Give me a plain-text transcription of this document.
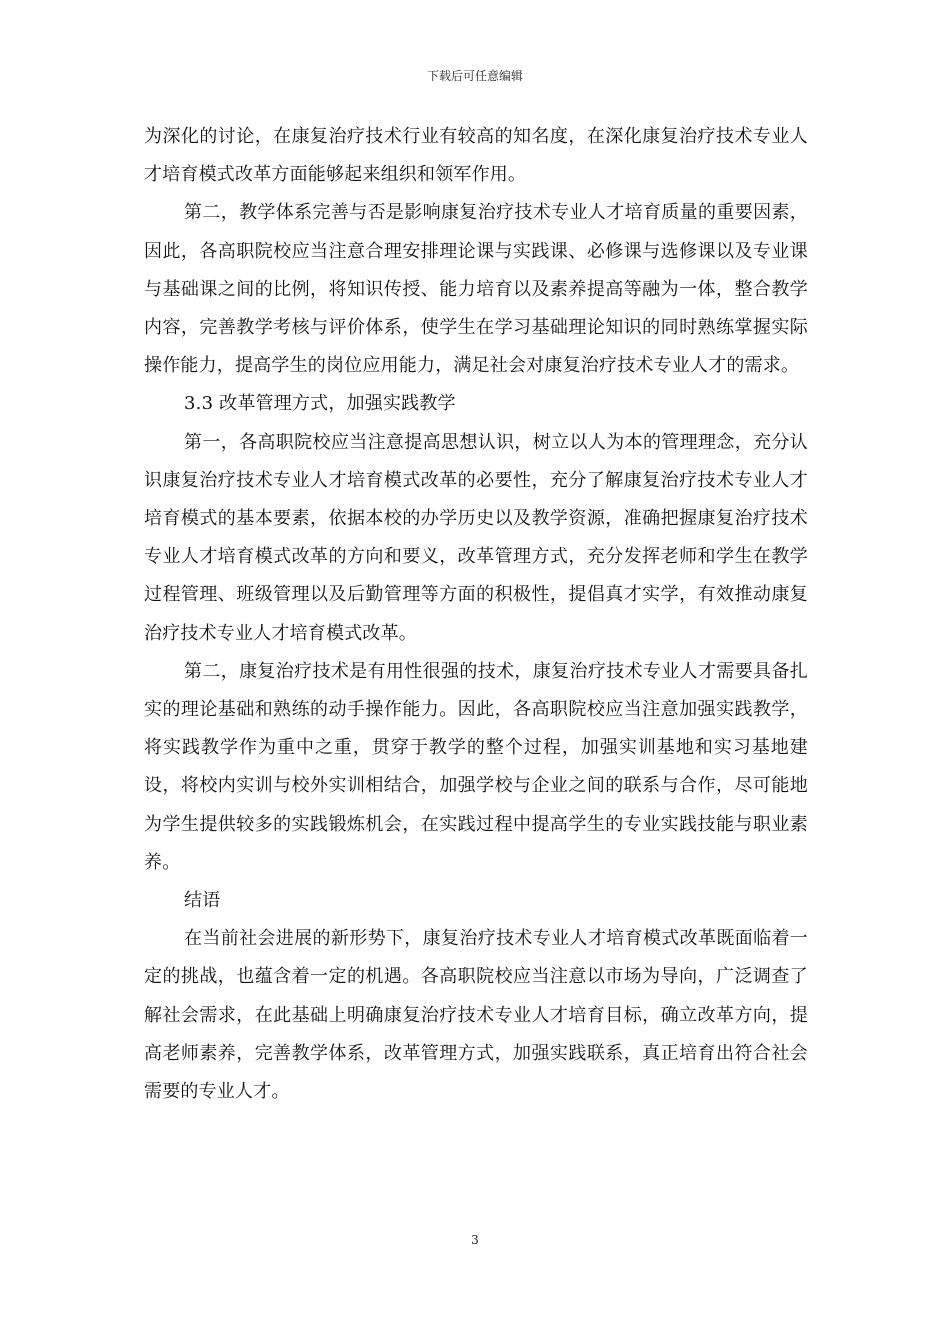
下载后可任意编辑

为深化的讨论，在康复治疗技术行业有较高的知名度，在深化康复治疗技术专业人才培育模式改革方面能够起来组织和领军作用。

第二，教学体系完善与否是影响康复治疗技术专业人才培育质量的重要因素，因此，各高职院校应当注意合理安排理论课与实践课、必修课与选修课以及专业课与基础课之间的比例，将知识传授、能力培育以及素养提高等融为一体，整合教学内容，完善教学考核与评价体系，使学生在学习基础理论知识的同时熟练掌握实际操作能力，提高学生的岗位应用能力，满足社会对康复治疗技术专业人才的需求。

3.3 改革管理方式，加强实践教学

第一，各高职院校应当注意提高思想认识，树立以人为本的管理理念，充分认识康复治疗技术专业人才培育模式改革的必要性，充分了解康复治疗技术专业人才培育模式的基本要素，依据本校的办学历史以及教学资源，准确把握康复治疗技术专业人才培育模式改革的方向和要义，改革管理方式，充分发挥老师和学生在教学过程管理、班级管理以及后勤管理等方面的积极性，提倡真才实学，有效推动康复治疗技术专业人才培育模式改革。

第二，康复治疗技术是有用性很强的技术，康复治疗技术专业人才需要具备扎实的理论基础和熟练的动手操作能力。因此，各高职院校应当注意加强实践教学，将实践教学作为重中之重，贯穿于教学的整个过程，加强实训基地和实习基地建设，将校内实训与校外实训相结合，加强学校与企业之间的联系与合作，尽可能地为学生提供较多的实践锻炼机会，在实践过程中提高学生的专业实践技能与职业素养。

结语

在当前社会进展的新形势下，康复治疗技术专业人才培育模式改革既面临着一定的挑战，也蕴含着一定的机遇。各高职院校应当注意以市场为导向，广泛调查了解社会需求，在此基础上明确康复治疗技术专业人才培育目标，确立改革方向，提高老师素养，完善教学体系，改革管理方式，加强实践联系，真正培育出符合社会需要的专业人才。

3
